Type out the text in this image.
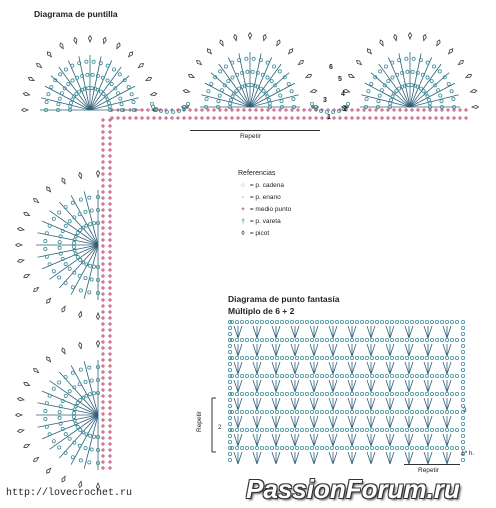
Diagrama de puntilla
6
5
4
3
2
1
Repetir
Referencias
○ = p. cadena
· = p. enano
+ = medio punto
† = p. vareta
◊ = picot
Diagrama de punto fantasía
Múltiplo de 6 + 2
3
2
1ª h.
Repetir
Repetir
http://lovecrochet.ru	PassionForum.ru
